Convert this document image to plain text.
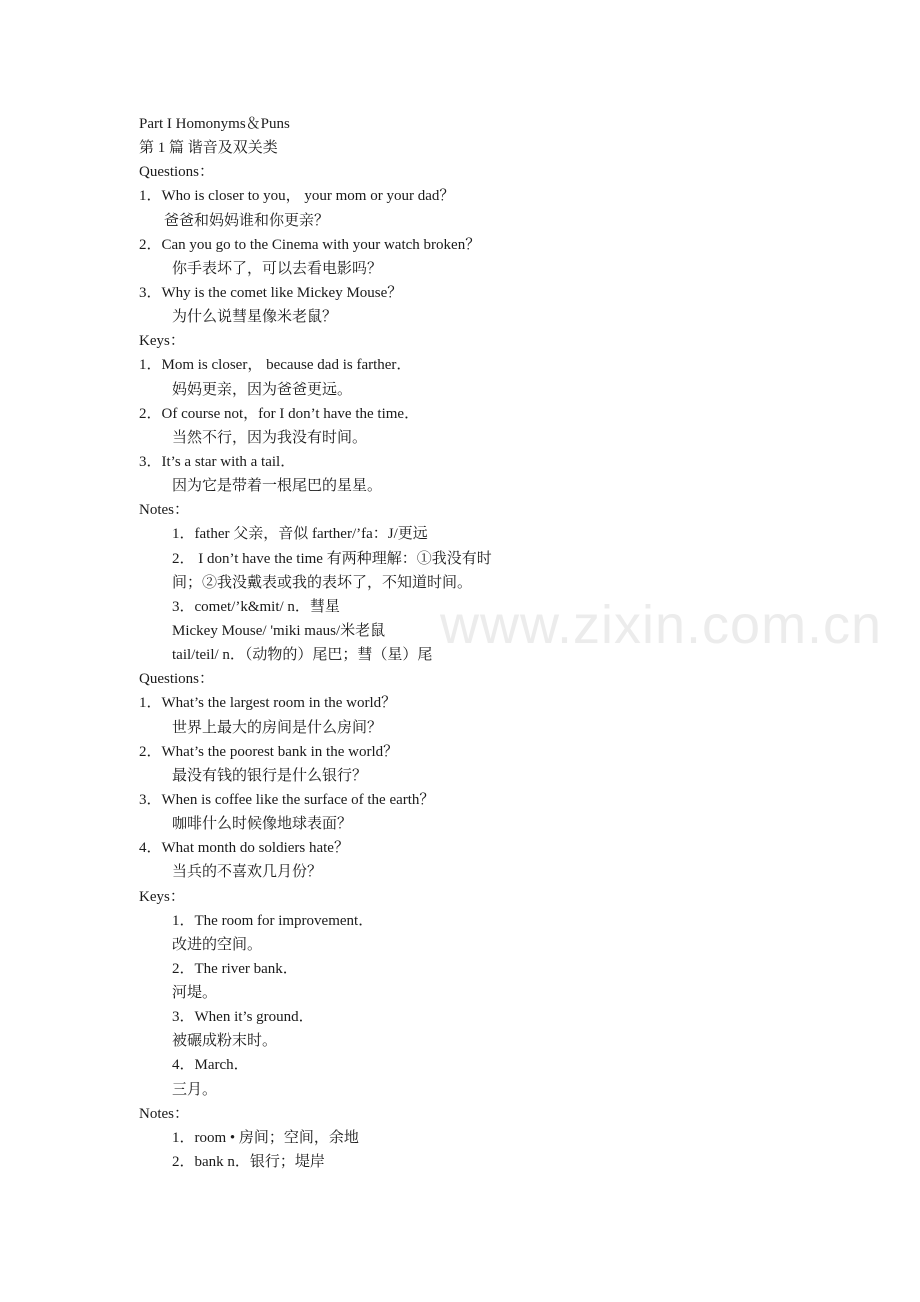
www.zixin.com.cn
Part I Homonyms＆Puns
第 1 篇 谐音及双关类
Questions：
1．Who is closer to you， your mom or your dad？
爸爸和妈妈谁和你更亲？
2．Can you go to the Cinema with your watch broken？
你手表坏了，可以去看电影吗？
3．Why is the comet like Mickey Mouse？
为什么说彗星像米老鼠？
Keys：
1．Mom is closer， because dad is farther．
妈妈更亲，因为爸爸更远。
2．Of course not，for I don’t have the time．
当然不行，因为我没有时间。
3．It’s a star with a tail．
因为它是带着一根尾巴的星星。
Notes：
1．father 父亲，音似 farther/’fa：J/更远
2． I don’t have the time 有两种理解：①我没有时
间；②我没戴表或我的表坏了，不知道时间。
3．comet/’k&mit/ n．彗星
Mickey Mouse/ 'miki maus/米老鼠
tail/teil/ n．（动物的）尾巴；彗（星）尾
Questions：
1．What’s the largest room in the world？
世界上最大的房间是什么房间？
2．What’s the poorest bank in the world？
最没有钱的银行是什么银行？
3．When is coffee like the surface of the earth？
咖啡什么时候像地球表面？
4．What month do soldiers hate？
当兵的不喜欢几月份？
Keys：
1．The room for improvement．
改进的空间。
2．The river bank．
河堤。
3．When it’s ground．
被碾成粉末时。
4．March．
三月。
Notes：
1．room • 房间；空间，余地
2．bank n．银行；堤岸
